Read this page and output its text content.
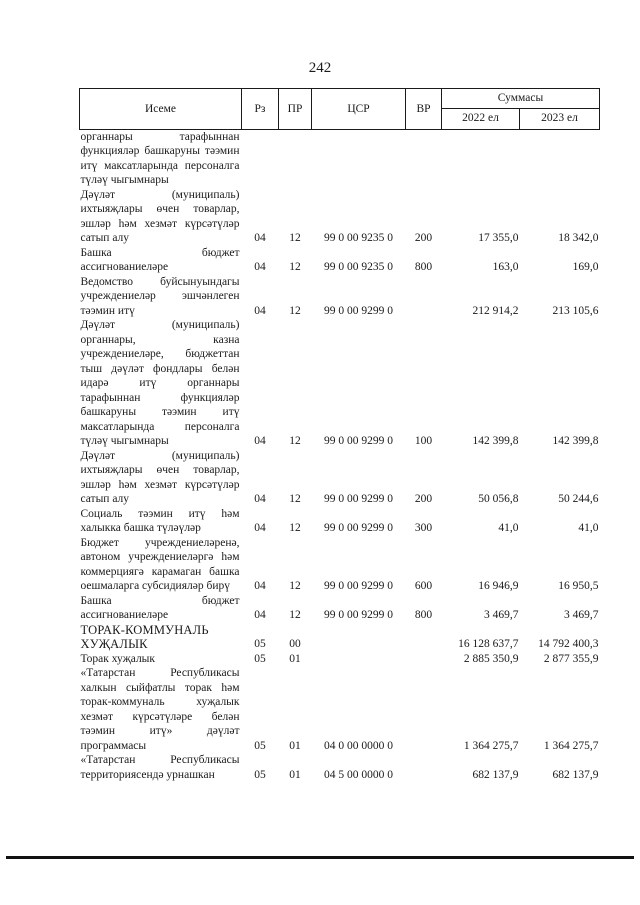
242
Исеме	Рз	ПР	ЦСР	ВР	Суммасы	
					2022 ел	2023 ел
органнары тарафыннан функцияләр башкаруны тәэмин итү максатларында персоналга түләү чыгымнары						
Дәүләт (муниципаль) ихтыяҗлары өчен товарлар, эшләр һәм хезмәт күрсәтүләр сатып алу	04	12	99 0 00 9235 0	200	17 355,0	18 342,0
Башка бюджет ассигнованиеләре	04	12	99 0 00 9235 0	800	163,0	169,0
Ведомство буйсынуындагы учреждениеләр эшчәнлеген тәэмин итү	04	12	99 0 00 9299 0		212 914,2	213 105,6
Дәүләт (муниципаль) органнары, казна учреждениеләре, бюджеттан тыш дәүләт фондлары белән идарә итү органнары тарафыннан функцияләр башкаруны тәэмин итү максатларында персоналга түләү чыгымнары	04	12	99 0 00 9299 0	100	142 399,8	142 399,8
Дәүләт (муниципаль) ихтыяҗлары өчен товарлар, эшләр һәм хезмәт күрсәтүләр сатып алу	04	12	99 0 00 9299 0	200	50 056,8	50 244,6
Социаль тәэмин итү һәм халыкка башка түләүләр	04	12	99 0 00 9299 0	300	41,0	41,0
Бюджет учреждениеләренә, автоном учреждениеләргә һәм коммерциягә карамаган башка оешмаларга субсидияләр бирү	04	12	99 0 00 9299 0	600	16 946,9	16 950,5
Башка бюджет ассигнованиеләре	04	12	99 0 00 9299 0	800	3 469,7	3 469,7
ТОРАК-КОММУНАЛЬ ХУҖАЛЫК	05	00			16 128 637,7	14 792 400,3
Торак хуҗалык	05	01			2 885 350,9	2 877 355,9
«Татарстан Республикасы халкын сыйфатлы торак һәм торак-коммуналь хуҗалык хезмәт күрсәтүләре белән тәэмин итү» дәүләт программасы	05	01	04 0 00 0000 0		1 364 275,7	1 364 275,7
«Татарстан Республикасы территориясендә урнашкан	05	01	04 5 00 0000 0		682 137,9	682 137,9
